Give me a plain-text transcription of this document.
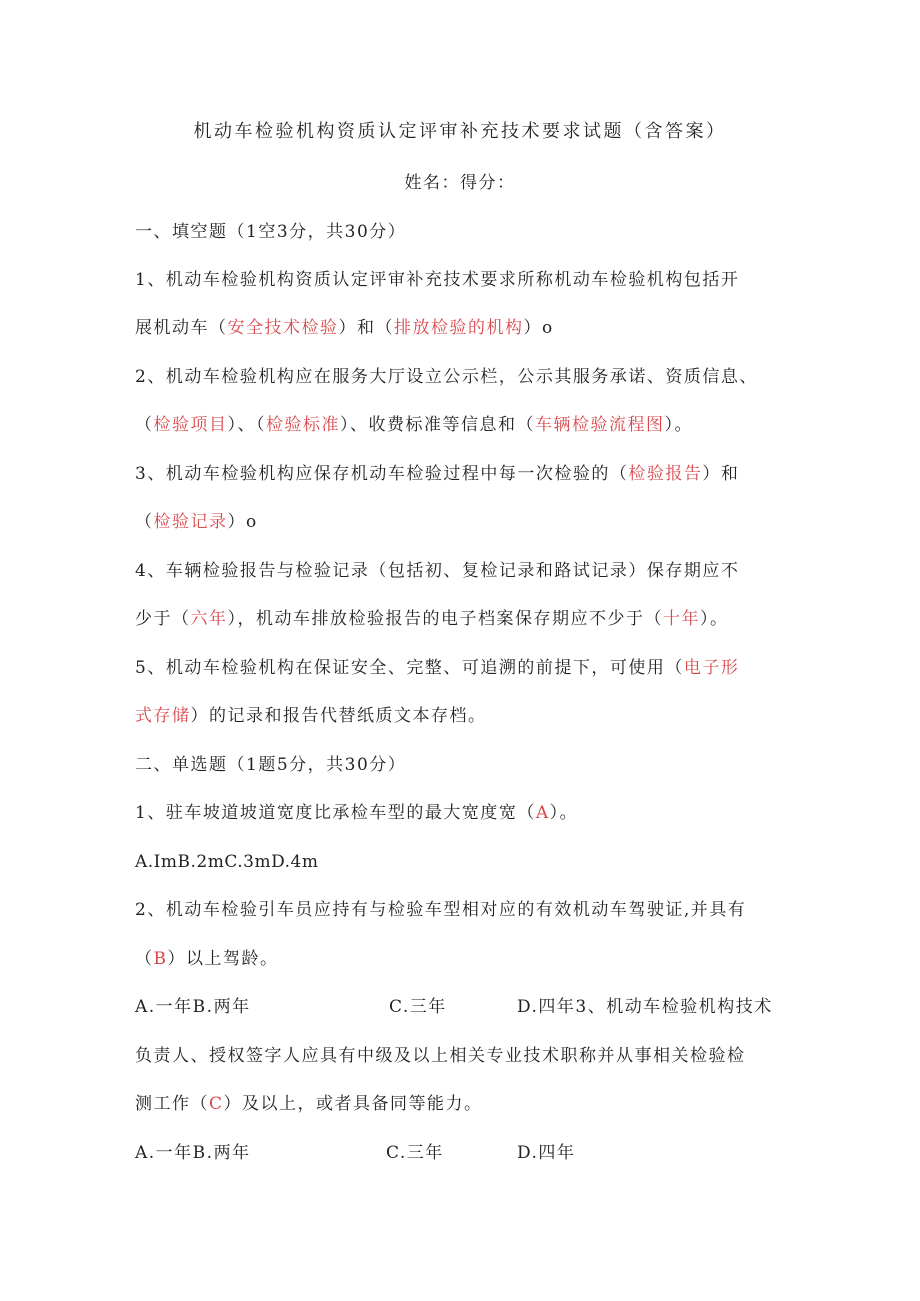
机动车检验机构资质认定评审补充技术要求试题（含答案）
姓名：得分：
一、填空题（1空3分，共30分）
1、机动车检验机构资质认定评审补充技术要求所称机动车检验机构包括开
展机动车（安全技术检验）和（排放检验的机构）o
2、机动车检验机构应在服务大厅设立公示栏，公示其服务承诺、资质信息、
（检验项目）、（检验标准）、收费标准等信息和（车辆检验流程图）。
3、机动车检验机构应保存机动车检验过程中每一次检验的（检验报告）和
（检验记录）o
4、车辆检验报告与检验记录（包括初、复检记录和路试记录）保存期应不
少于（六年），机动车排放检验报告的电子档案保存期应不少于（十年）。
5、机动车检验机构在保证安全、完整、可追溯的前提下，可使用（电子形
式存储）的记录和报告代替纸质文本存档。
二、单选题（1题5分，共30分）
1、驻车坡道坡道宽度比承检车型的最大宽度宽（A）。
A.ImB.2mC.3mD.4m
2、机动车检验引车员应持有与检验车型相对应的有效机动车驾驶证,并具有
（B）以上驾龄。
A.一年B.两年	C.三年	D.四年3、机动车检验机构技术
负责人、授权签字人应具有中级及以上相关专业技术职称并从事相关检验检
测工作（C）及以上，或者具备同等能力。
A.一年B.两年	C.三年	D.四年
